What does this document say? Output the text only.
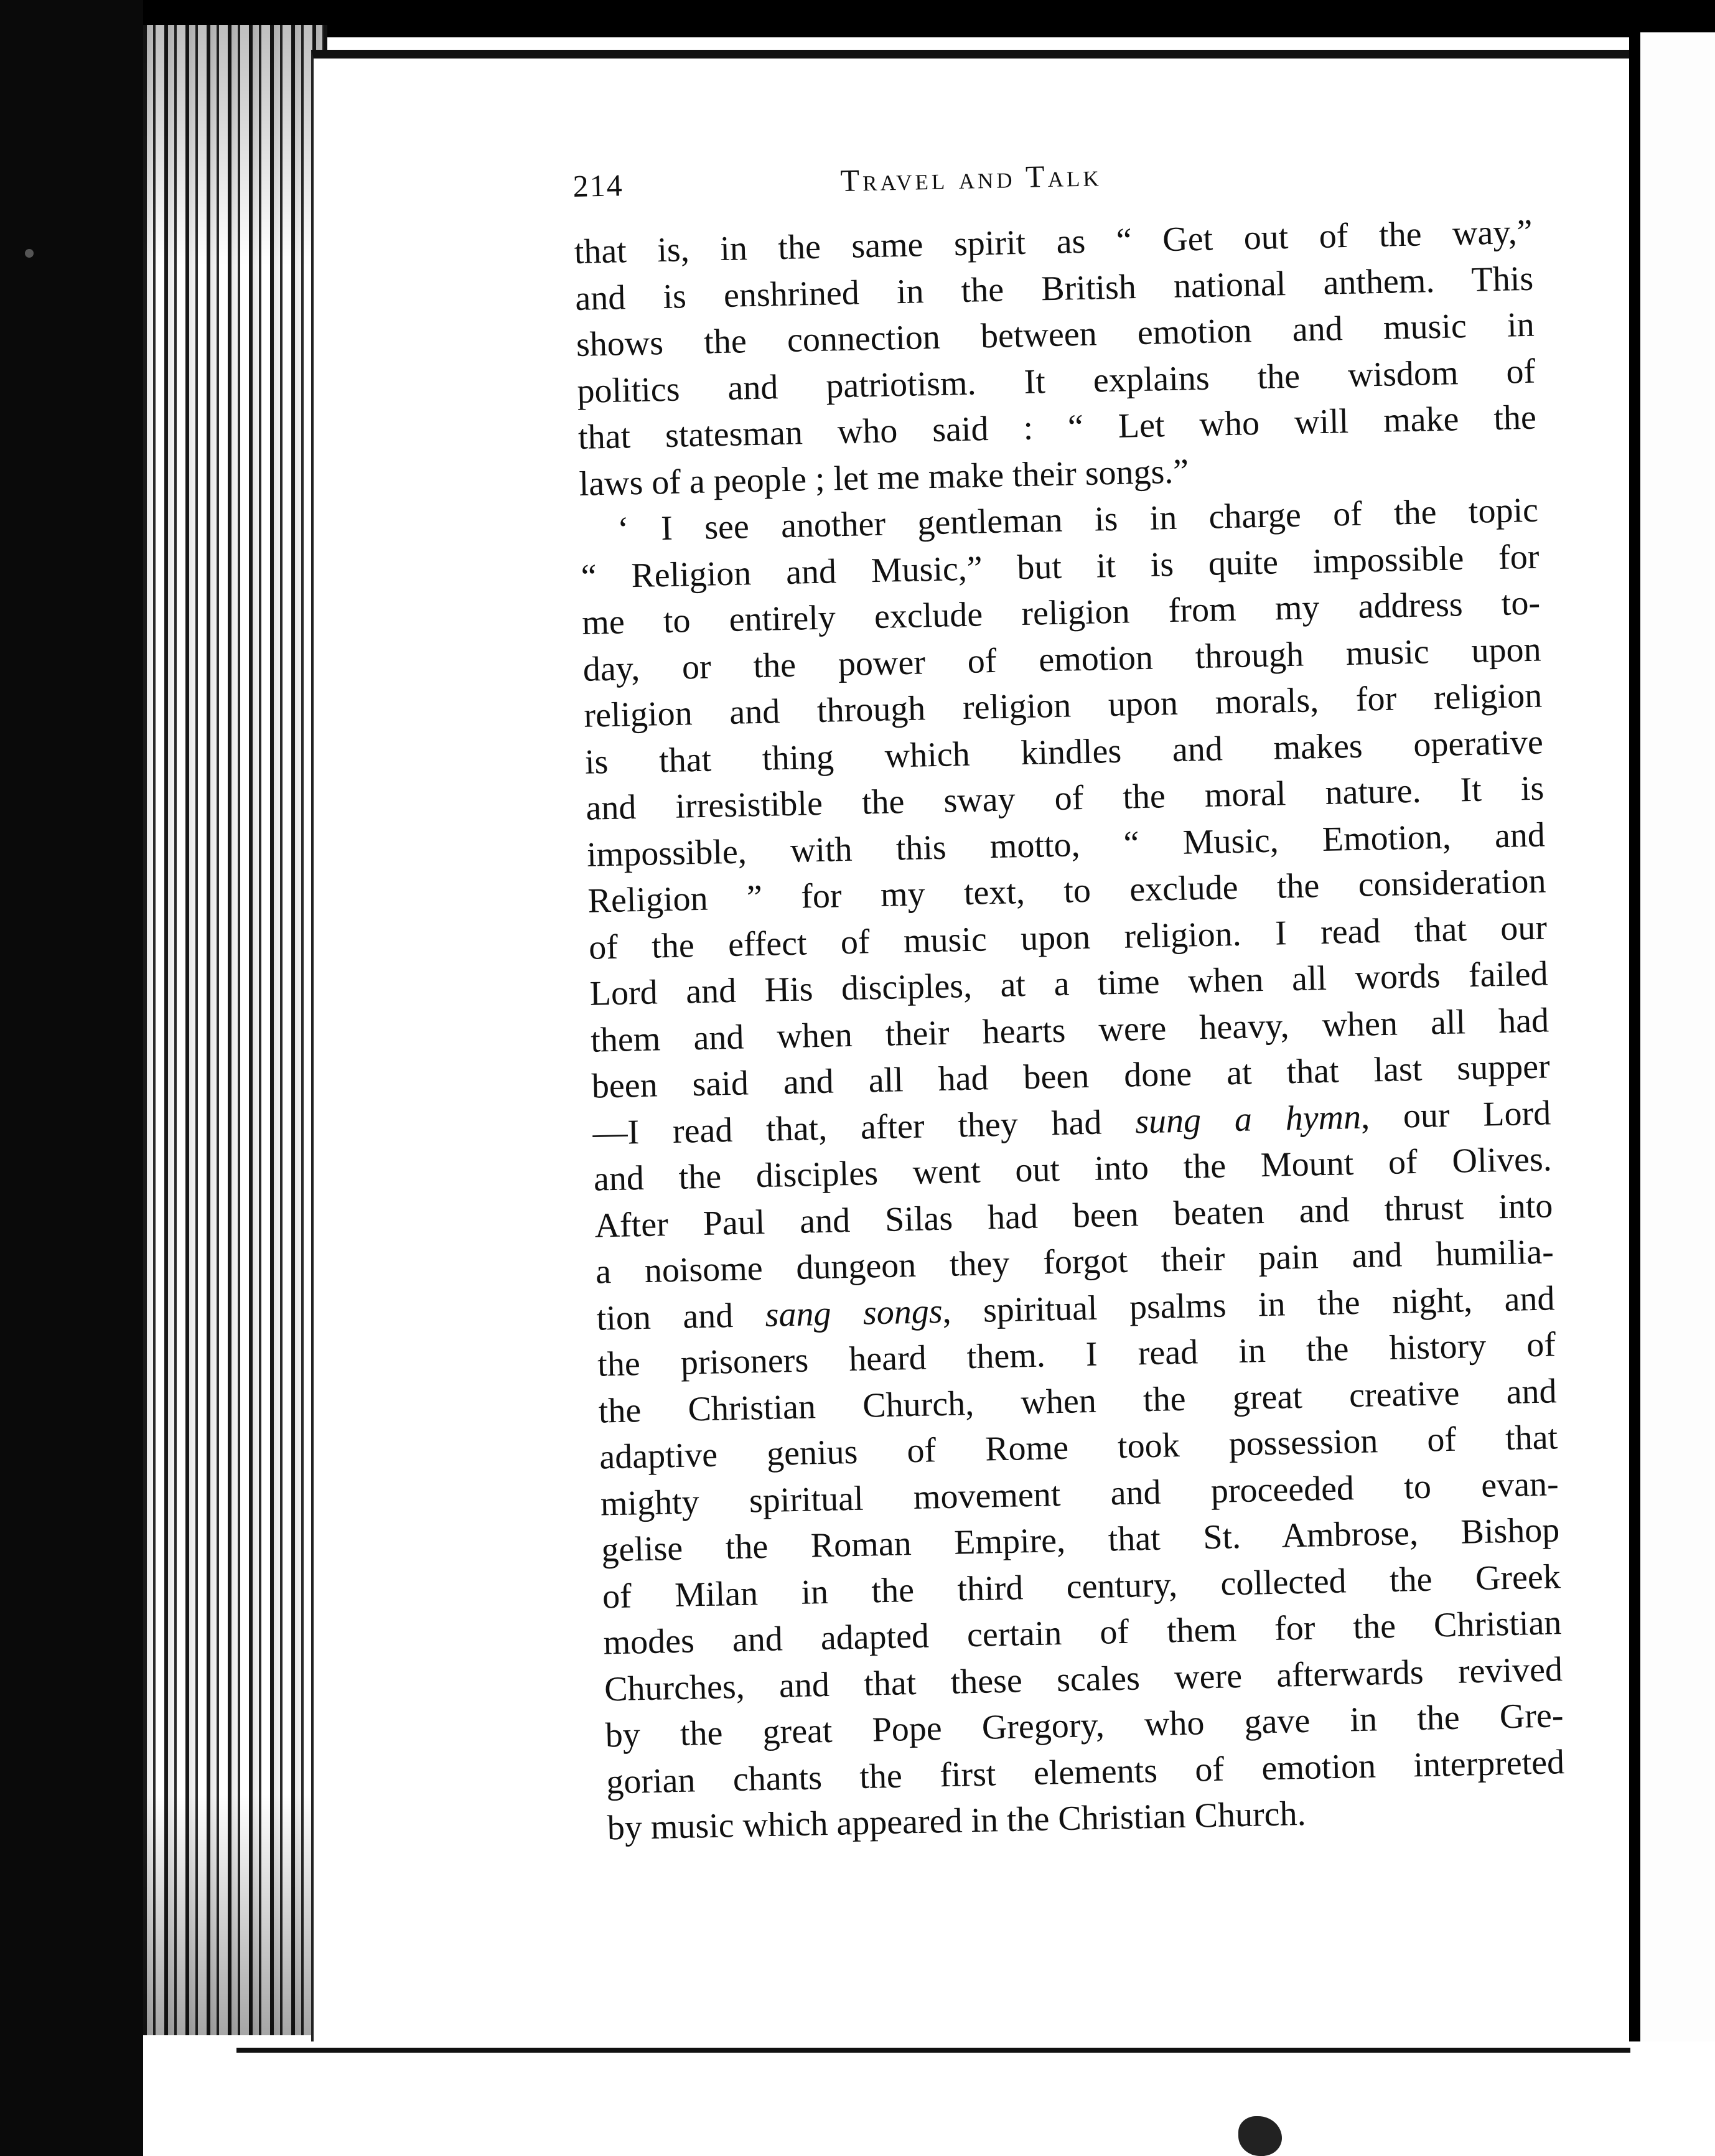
214	Travel and Talk
that is, in the same spirit as “ Get out of the way,”
and is enshrined in the British national anthem. This
shows the connection between emotion and music in
politics and patriotism. It explains the wisdom of
that statesman who said : “ Let who will make the
laws of a people ; let me make their songs.”
‘ I see another gentleman is in charge of the topic
“ Religion and Music,” but it is quite impossible for
me to entirely exclude religion from my address to-
day, or the power of emotion through music upon
religion and through religion upon morals, for religion
is that thing which kindles and makes operative
and irresistible the sway of the moral nature. It is
impossible, with this motto, “ Music, Emotion, and
Religion ” for my text, to exclude the consideration
of the effect of music upon religion. I read that our
Lord and His disciples, at a time when all words failed
them and when their hearts were heavy, when all had
been said and all had been done at that last supper
—I read that, after they had sung a hymn, our Lord
and the disciples went out into the Mount of Olives.
After Paul and Silas had been beaten and thrust into
a noisome dungeon they forgot their pain and humilia-
tion and sang songs, spiritual psalms in the night, and
the prisoners heard them. I read in the history of
the Christian Church, when the great creative and
adaptive genius of Rome took possession of that
mighty spiritual movement and proceeded to evan-
gelise the Roman Empire, that St. Ambrose, Bishop
of Milan in the third century, collected the Greek
modes and adapted certain of them for the Christian
Churches, and that these scales were afterwards revived
by the great Pope Gregory, who gave in the Gre-
gorian chants the first elements of emotion interpreted
by music which appeared in the Christian Church.
